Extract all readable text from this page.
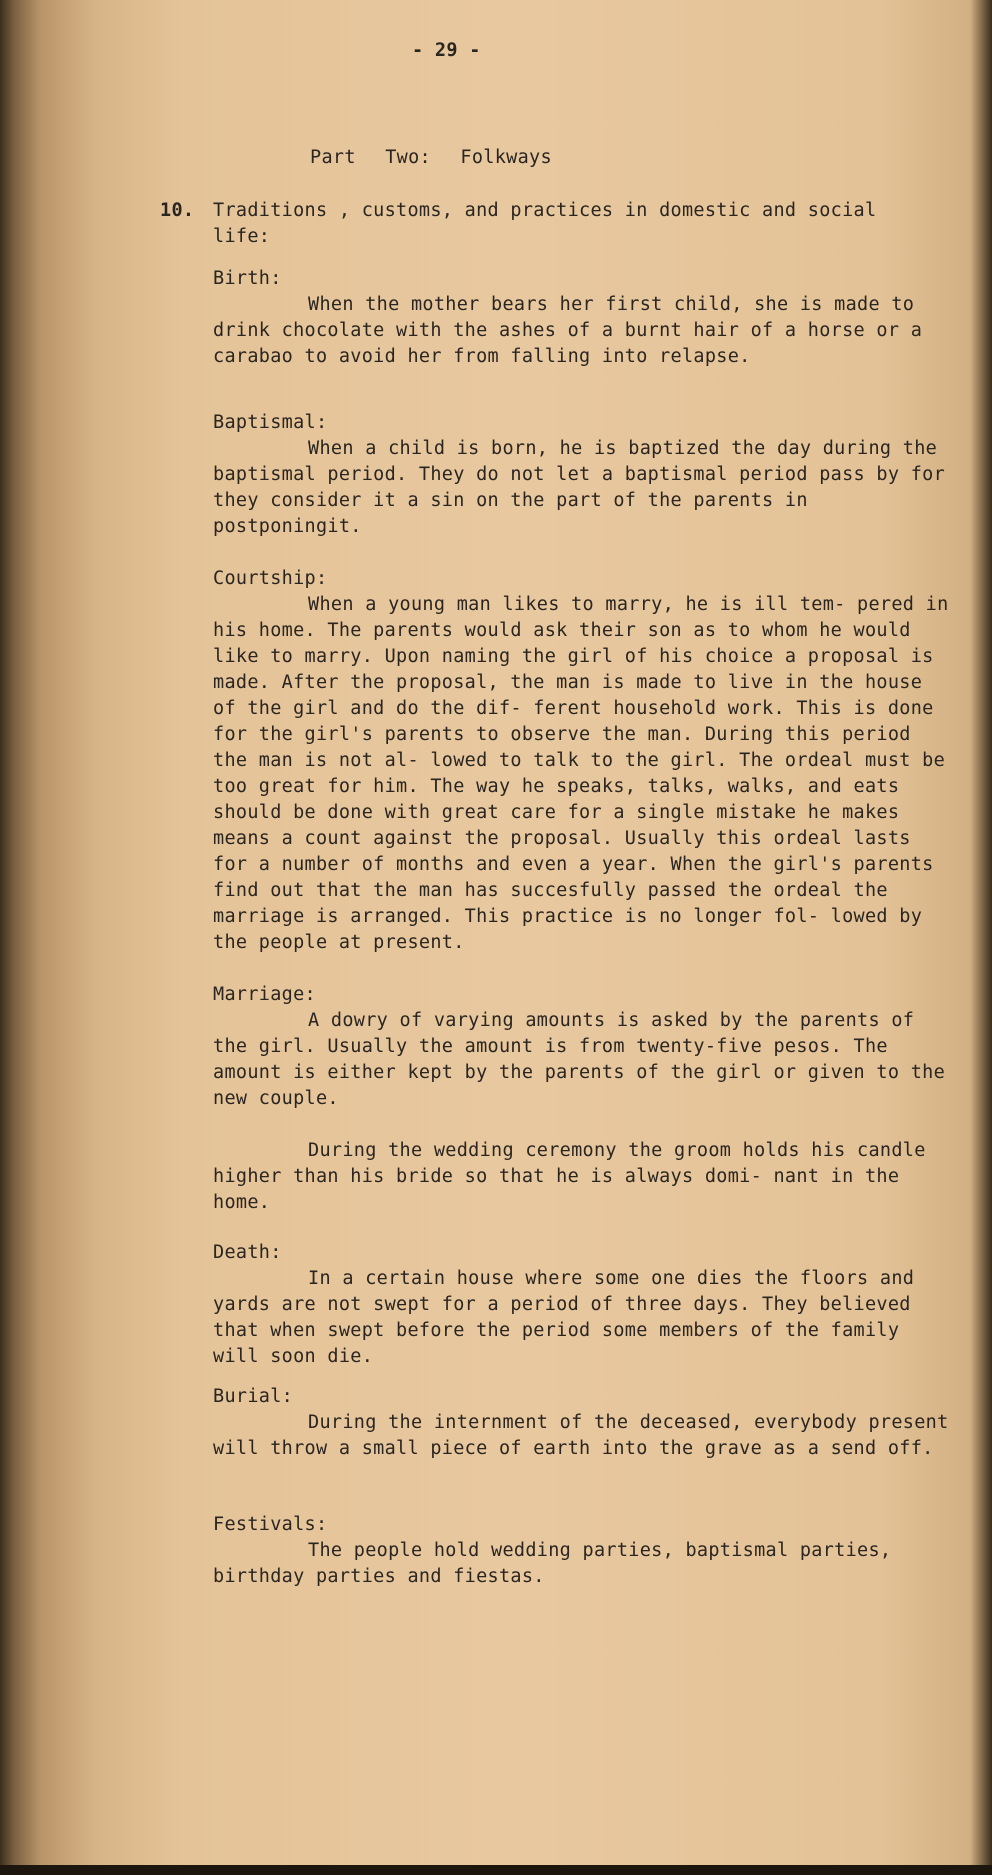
- 29 -
Part Two: Folkways
10. Traditions , customs, and practices in domestic and social life:

Birth:

When the mother bears her first child, she is made to drink chocolate with the ashes of a burnt hair of a horse or a carabao to avoid her from falling into relapse.

Baptismal:

When a child is born, he is baptized the day during the baptismal period. They do not let a baptismal period pass by for they consider it a sin on the part of the parents in postponingit.

Courtship:

When a young man likes to marry, he is ill tem- pered in his home. The parents would ask their son as to whom he would like to marry. Upon naming the girl of his choice a proposal is made. After the proposal, the man is made to live in the house of the girl and do the dif- ferent household work. This is done for the girl's parents to observe the man. During this period the man is not al- lowed to talk to the girl. The ordeal must be too great for him. The way he speaks, talks, walks, and eats should be done with great care for a single mistake he makes means a count against the proposal. Usually this ordeal lasts for a number of months and even a year. When the girl's parents find out that the man has succesfully passed the ordeal the marriage is arranged. This practice is no longer fol- lowed by the people at present.

Marriage:

A dowry of varying amounts is asked by the parents of the girl. Usually the amount is from twenty-five pesos. The amount is either kept by the parents of the girl or given to the new couple.

During the wedding ceremony the groom holds his candle higher than his bride so that he is always domi- nant in the home.

Death:

In a certain house where some one dies the floors and yards are not swept for a period of three days. They believed that when swept before the period some members of the family will soon die.

Burial:

During the internment of the deceased, everybody present will throw a small piece of earth into the grave as a send off.

Festivals:

The people hold wedding parties, baptismal parties, birthday parties and fiestas.
